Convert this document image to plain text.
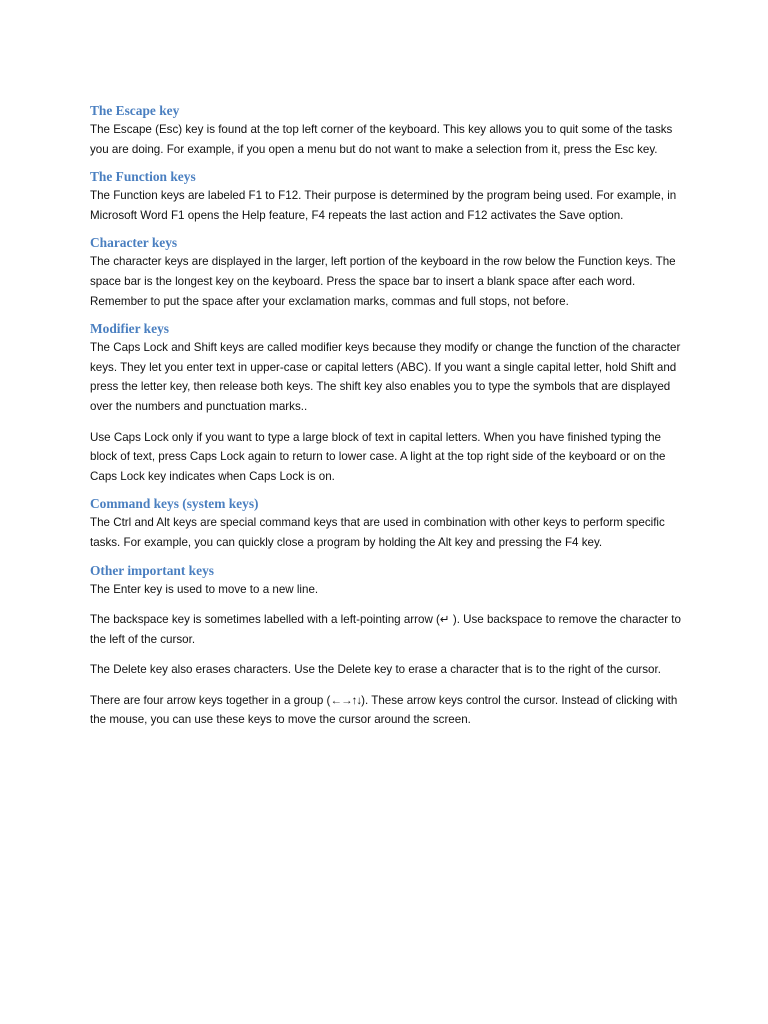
The Escape key

The Escape (Esc) key is found at the top left corner of the keyboard. This key allows you to quit some of the tasks you are doing. For example, if you open a menu but do not want to make a selection from it, press the Esc key.

The Function keys

The Function keys are labeled F1 to F12. Their purpose is determined by the program being used. For example, in Microsoft Word F1 opens the Help feature, F4 repeats the last action and F12 activates the Save option.

Character keys

The character keys are displayed in the larger, left portion of the keyboard in the row below the Function keys. The space bar is the longest key on the keyboard. Press the space bar to insert a blank space after each word. Remember to put the space after your exclamation marks, commas and full stops, not before.

Modifier keys

The Caps Lock and Shift keys are called modifier keys because they modify or change the function of the character keys. They let you enter text in upper-case or capital letters (ABC). If you want a single capital letter, hold Shift and press the letter key, then release both keys. The shift key also enables you to type the symbols that are displayed over the numbers and punctuation marks..

Use Caps Lock only if you want to type a large block of text in capital letters. When you have finished typing the block of text, press Caps Lock again to return to lower case. A light at the top right side of the keyboard or on the Caps Lock key indicates when Caps Lock is on.

Command keys (system keys)

The Ctrl and Alt keys are special command keys that are used in combination with other keys to perform specific tasks. For example, you can quickly close a program by holding the Alt key and pressing the F4 key.

Other important keys

The Enter key is used to move to a new line.

The backspace key is sometimes labelled with a left-pointing arrow (↵ ). Use backspace to remove the character to the left of the cursor.

The Delete key also erases characters. Use the Delete key to erase a character that is to the right of the cursor.

There are four arrow keys together in a group (←→↑↓). These arrow keys control the cursor. Instead of clicking with the mouse, you can use these keys to move the cursor around the screen.
